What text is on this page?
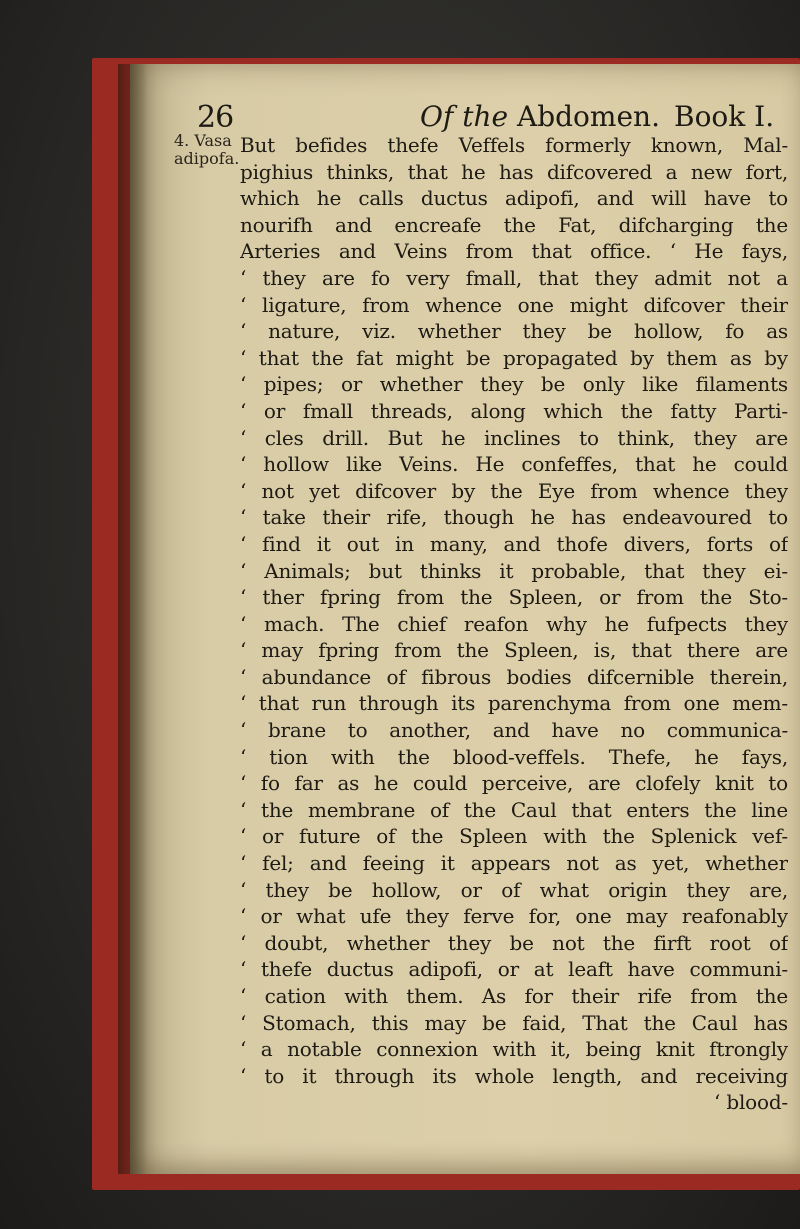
26	Of the Abdomen. Book I.
4. Vasa
adipofa.
But befides thefe Veffels formerly known, Mal-
pighius thinks, that he has difcovered a new fort,
which he calls ductus adipofi, and will have to
nourifh and encreafe the Fat, difcharging the
Arteries and Veins from that office. ‘ He fays,
‘ they are fo very fmall, that they admit not a
‘ ligature, from whence one might difcover their
‘ nature, viz. whether they be hollow, fo as
‘ that the fat might be propagated by them as by
‘ pipes; or whether they be only like filaments
‘ or fmall threads, along which the fatty Parti-
‘ cles drill. But he inclines to think, they are
‘ hollow like Veins. He confeffes, that he could
‘ not yet difcover by the Eye from whence they
‘ take their rife, though he has endeavoured to
‘ find it out in many, and thofe divers, forts of
‘ Animals; but thinks it probable, that they ei-
‘ ther fpring from the Spleen, or from the Sto-
‘ mach. The chief reafon why he fufpects they
‘ may fpring from the Spleen, is, that there are
‘ abundance of fibrous bodies difcernible therein,
‘ that run through its parenchyma from one mem-
‘ brane to another, and have no communica-
‘ tion with the blood-veffels. Thefe, he fays,
‘ fo far as he could perceive, are clofely knit to
‘ the membrane of the Caul that enters the line
‘ or future of the Spleen with the Splenick vef-
‘ fel; and feeing it appears not as yet, whether
‘ they be hollow, or of what origin they are,
‘ or what ufe they ferve for, one may reafonably
‘ doubt, whether they be not the firft root of
‘ thefe ductus adipofi, or at leaft have communi-
‘ cation with them. As for their rife from the
‘ Stomach, this may be faid, That the Caul has
‘ a notable connexion with it, being knit ftrongly
‘ to it through its whole length, and receiving
‘ blood-
